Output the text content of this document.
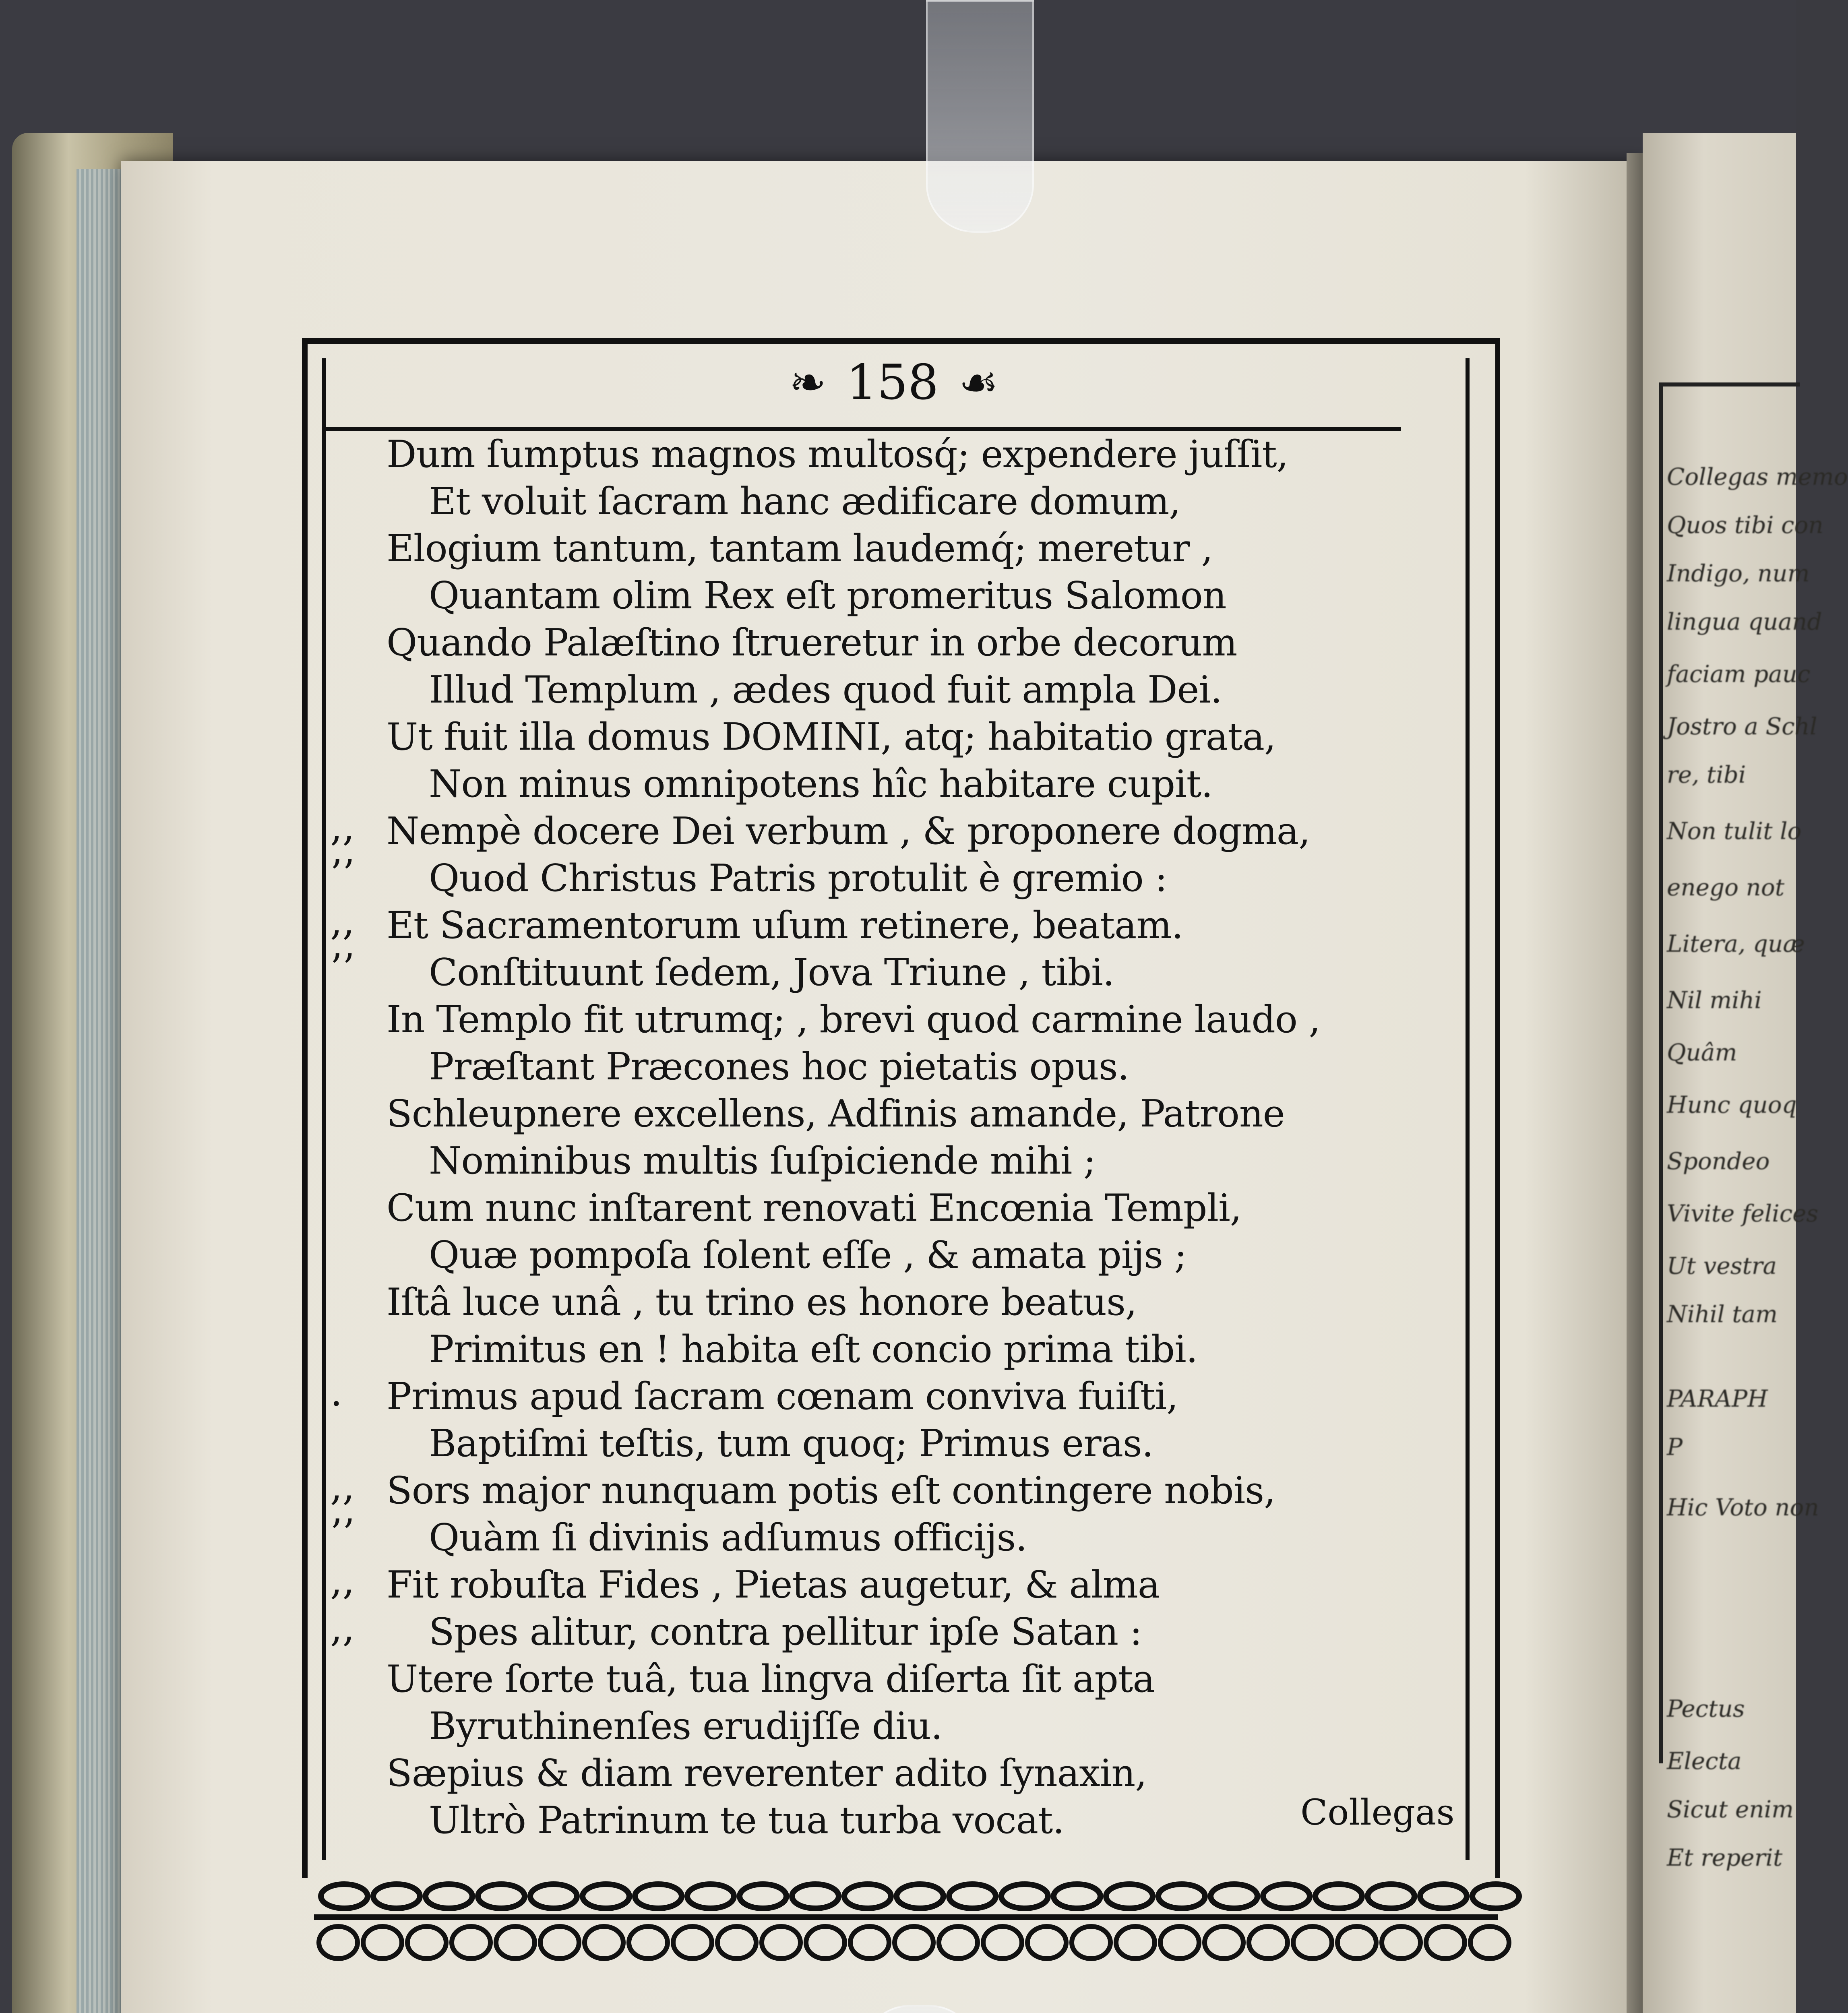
❧ 158 ☙
Dum ſumptus magnos multosq́; expendere juſſit,
Et voluit ſacram hanc ædificare domum,
Elogium tantum, tantam laudemq́; meretur ,
Quantam olim Rex eſt promeritus Salomon
Quando Palæſtino ſtrueretur in orbe decorum
Illud Templum , ædes quod fuit ampla Dei.
Ut fuit illa domus DOMINI, atq; habitatio grata,
Non minus omnipotens hîc habitare cupit.
,, Nempè docere Dei verbum , & proponere dogma,
’’ Quod Christus Patris protulit è gremio :
,, Et Sacramentorum uſum retinere, beatam.
’’ Conſtituunt ſedem, Jova Triune , tibi.
In Templo fit utrumq; , brevi quod carmine laudo ,
Præſtant Præcones hoc pietatis opus.
Schleupnere excellens, Adfinis amande, Patrone
Nominibus multis ſuſpiciende mihi ;
Cum nunc inſtarent renovati Encœnia Templi,
Quæ pompoſa ſolent eſſe , & amata pijs ;
Iſtâ luce unâ , tu trino es honore beatus,
Primitus en ! habita eſt concio prima tibi.
. Primus apud ſacram cœnam conviva fuiſti,
Baptiſmi teſtis, tum quoq; Primus eras.
,, Sors major nunquam potis eſt contingere nobis,
’’ Quàm ſi divinis adſumus officijs.
,, Fit robuſta Fides , Pietas augetur, & alma
,, Spes alitur, contra pellitur ipſe Satan :
Utere ſorte tuâ, tua lingva diſerta ſit apta
Byruthinenſes erudijſſe diu.
Sæpius & diam reverenter adito ſynaxin,
Ultrò Patrinum te tua turba vocat.	Collegas
Collegas memo
Quos tibi con
Indigo, num
lingua quand
faciam pauc
Jostro a Schl
re, tibi
Non tulit lo
enego not
Litera, quæ
Nil mihi
Quâm
Hunc quoq
Spondeo
Vivite felices
Ut vestra
Nihil tam
PARAPH
P
Hic Voto non
Pectus
Electa
Sicut enim
Et reperit
